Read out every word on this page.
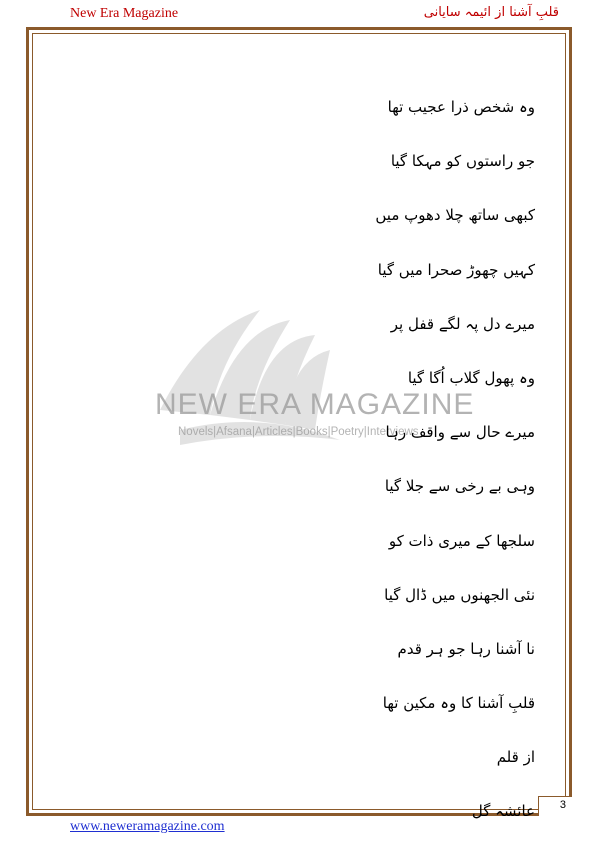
New Era Magazine	قلبِ آشنا از ائیمہ سایانی
NEW ERA MAGAZINE
Novels|Afsana|Articles|Books|Poetry|Interviews
وہ شخص ذرا عجیب تھا
جو راستوں کو مہکا گیا
کبھی ساتھ چلا دھوپ میں
کہیں چھوڑ صحرا میں گیا
میرے دل پہ لگے قفل پر
وہ پھول گلاب اُگا گیا
میرے حال سے واقف رہا
وہی بے رخی سے جلا گیا
سلجھا کے میری ذات کو
نئی الجھنوں میں ڈال گیا
نا آشنا رہا جو ہر قدم
قلبِ آشنا کا وہ مکین تھا
از قلم
عائشہ گل 3
www.neweramagazine.com
